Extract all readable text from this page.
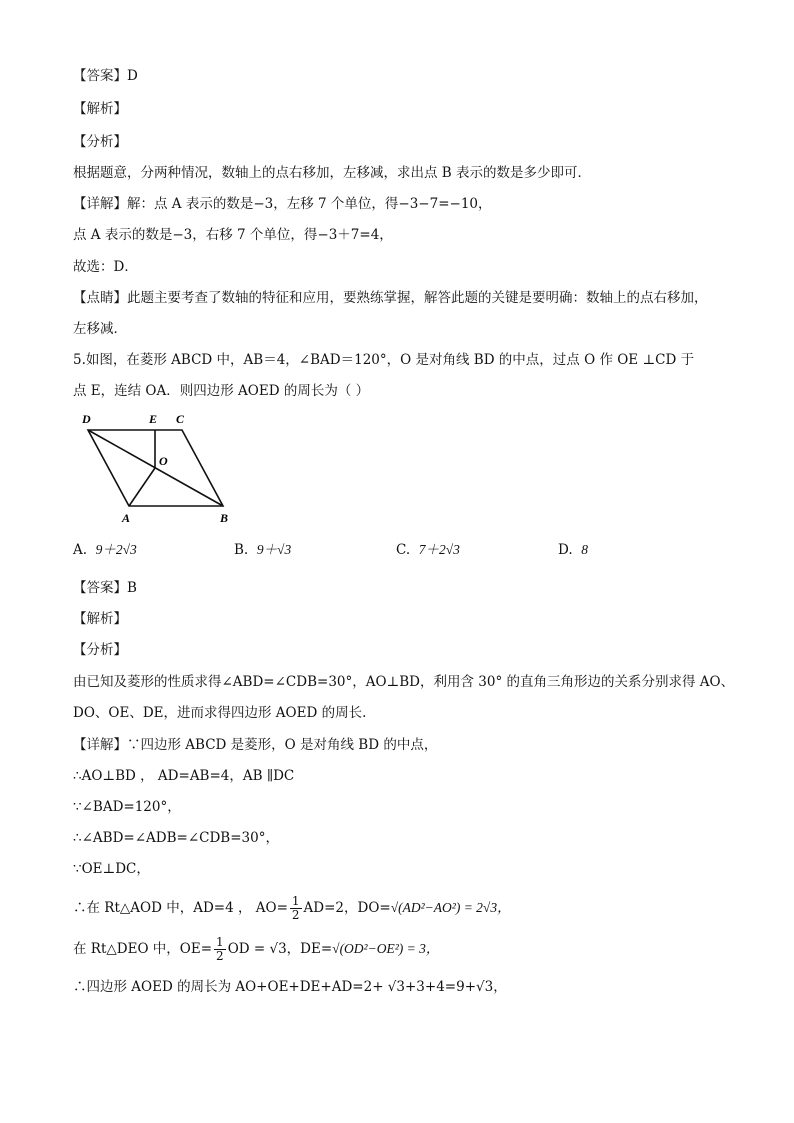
【答案】D
【解析】
【分析】
根据题意，分两种情况，数轴上的点右移加，左移减，求出点 B 表示的数是多少即可．
【详解】解：点 A 表示的数是−3，左移 7 个单位，得−3−7=−10，
点 A 表示的数是−3，右移 7 个单位，得−3＋7=4，
故选：D．
【点睛】此题主要考查了数轴的特征和应用，要熟练掌握，解答此题的关键是要明确：数轴上的点右移加，
左移减．
5.如图，在菱形 ABCD 中，AB＝4，∠BAD＝120°，O 是对角线 BD 的中点，过点 O 作 OE ⊥CD 于
点 E，连结 OA．则四边形 AOED 的周长为（ ）
D	E C
O
A	B
A. 9＋2√3	B. 9＋√3	C. 7＋2√3	D. 8
【答案】B
【解析】
【分析】
由已知及菱形的性质求得∠ABD=∠CDB=30°，AO⊥BD，利用含 30° 的直角三角形边的关系分别求得 AO、
DO、OE、DE，进而求得四边形 AOED 的周长.
【详解】∵四边形 ABCD 是菱形，O 是对角线 BD 的中点，
∴AO⊥BD ， AD=AB=4，AB ∥DC
∵∠BAD=120°，
∴∠ABD=∠ADB=∠CDB=30°，
∵OE⊥DC，
∴在 Rt△AOD 中，AD=4 ， $AO= \frac{1}{2} AD=2$，DO=√(AD²−AO²) = 2√3，
在 Rt△DEO 中，$OE= \frac{1}{2}$ OD = √3，DE=√(OD²−OE²) = 3，
∴四边形 AOED 的周长为 AO+OE+DE+AD=2+ √3+3+4=9+√3，
